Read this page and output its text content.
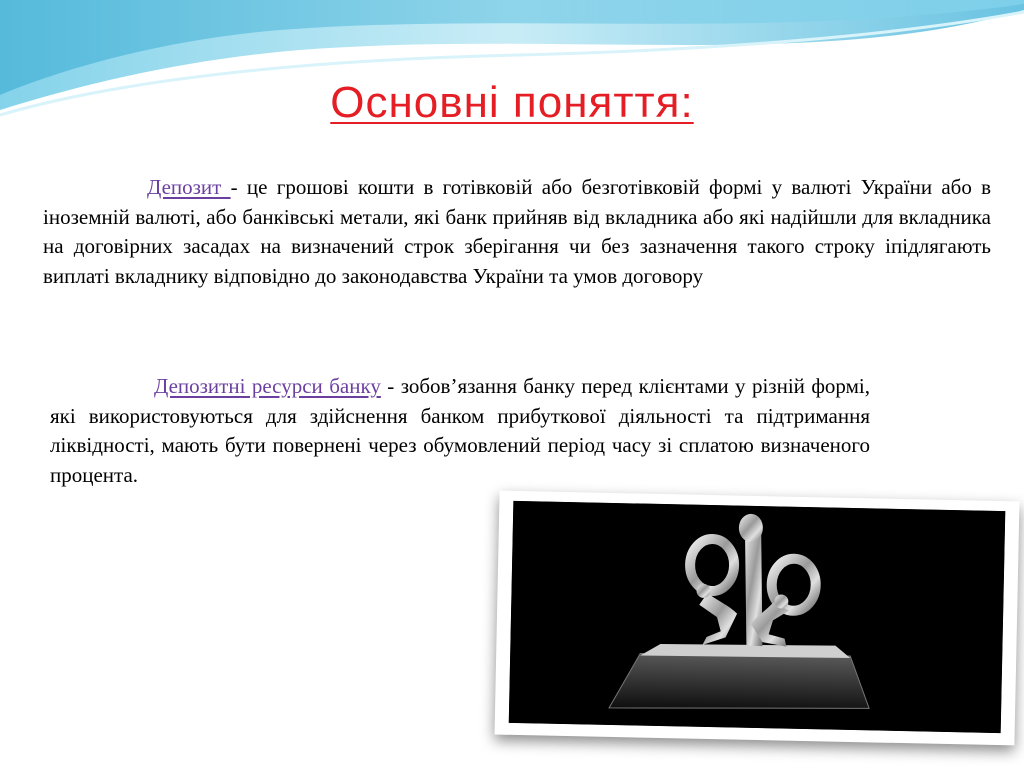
Основні поняття:

Депозит - це грошові кошти в готівковій або безготівковій формі у валюті України або в іноземній валюті, або банківські метали, які банк прийняв від вкладника або які надійшли для вкладника на договірних засадах на визначений строк зберігання чи без зазначення такого строку іпідлягають виплаті вкладнику відповідно до законодавства України та умов договору

Депозитні ресурси банку - зобов’язання банку перед клієнтами у різній формі, які використовуються для здійснення банком прибуткової діяльності та підтримання ліквідності, мають бути повернені через обумовлений період часу зі сплатою визначеного процента.
